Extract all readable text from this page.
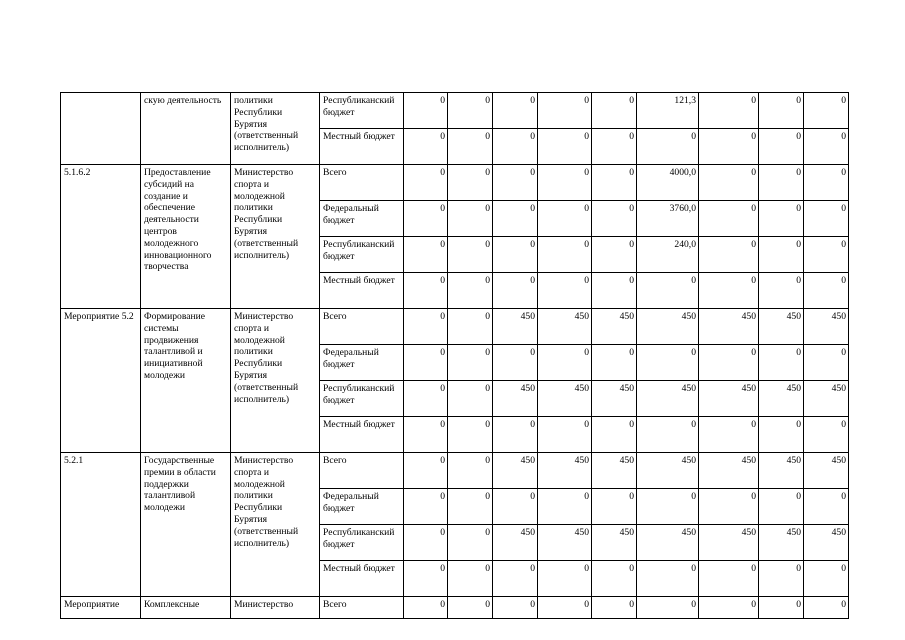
	скую деятельность	политики Республики Бурятия (ответственный исполнитель)	Республиканский бюджет	0	0	0	0	0	121,3	0	0	0
			Местный бюджет	0	0	0	0	0	0	0	0	0
5.1.6.2	Предоставление субсидий на создание и обеспечение деятельности центров молодежного инновационного творчества	Министерство спорта и молодежной политики Республики Бурятия (ответственный исполнитель)	Всего	0	0	0	0	0	4000,0	0	0	0
			Федеральный бюджет	0	0	0	0	0	3760,0	0	0	0
			Республиканский бюджет	0	0	0	0	0	240,0	0	0	0
			Местный бюджет	0	0	0	0	0	0	0	0	0
Мероприятие 5.2	Формирование системы продвижения талантливой и инициативной молодежи	Министерство спорта и молодежной политики Республики Бурятия (ответственный исполнитель)	Всего	0	0	450	450	450	450	450	450	450
			Федеральный бюджет	0	0	0	0	0	0	0	0	0
			Республиканский бюджет	0	0	450	450	450	450	450	450	450
			Местный бюджет	0	0	0	0	0	0	0	0	0
5.2.1	Государственные премии в области поддержки талантливой молодежи	Министерство спорта и молодежной политики Республики Бурятия (ответственный исполнитель)	Всего	0	0	450	450	450	450	450	450	450
			Федеральный бюджет	0	0	0	0	0	0	0	0	0
			Республиканский бюджет	0	0	450	450	450	450	450	450	450
			Местный бюджет	0	0	0	0	0	0	0	0	0
Мероприятие	Комплексные	Министерство	Всего	0	0	0	0	0	0	0	0	0
